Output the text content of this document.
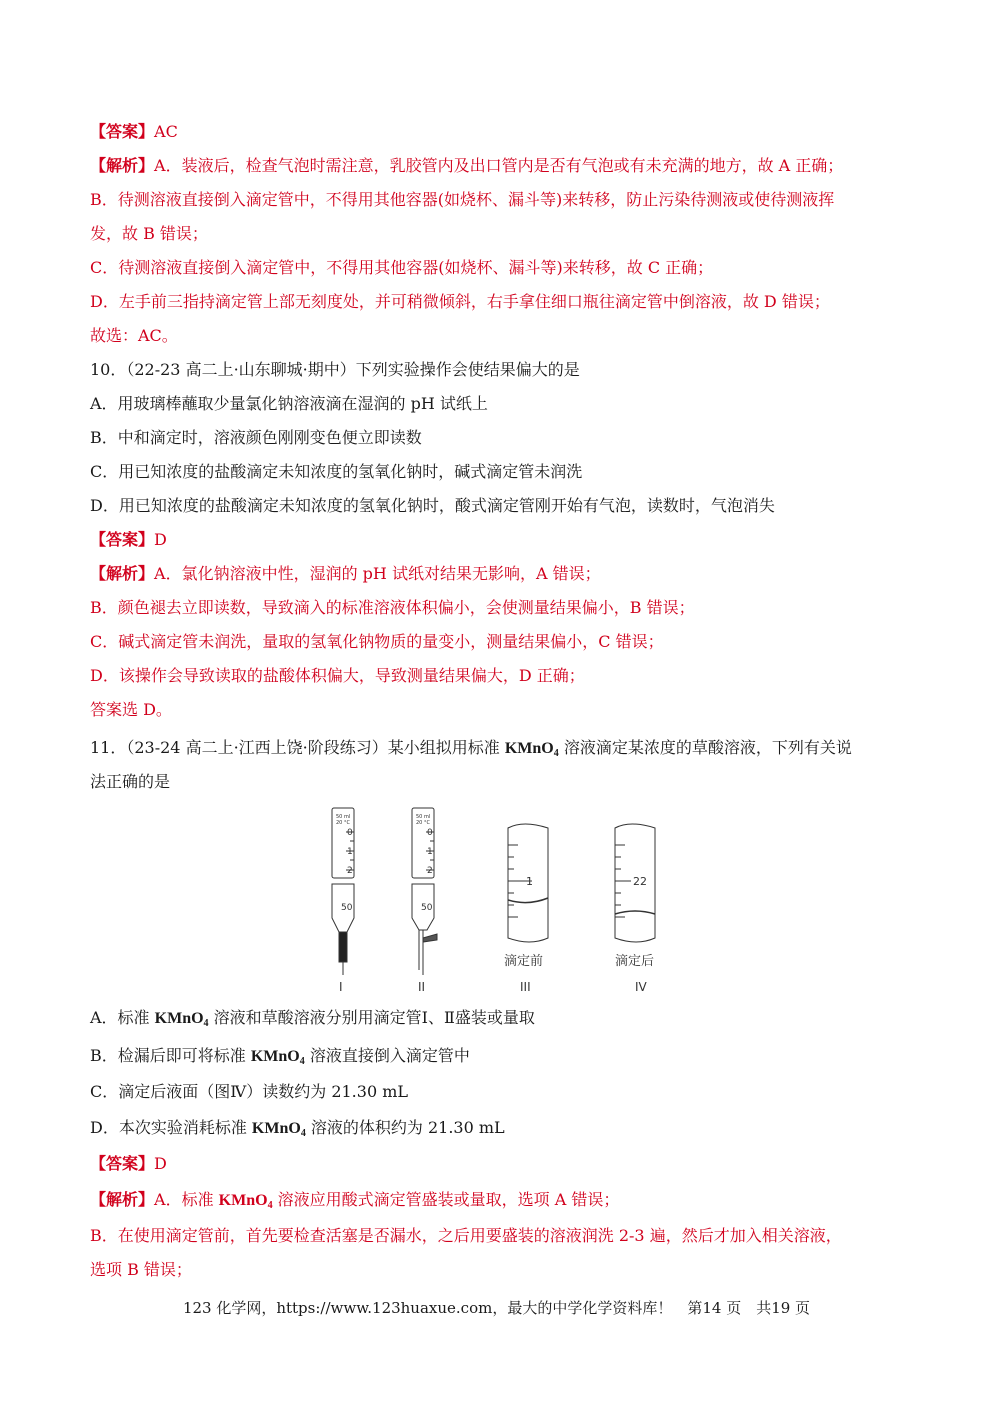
【答案】AC
【解析】A．装液后，检查气泡时需注意，乳胶管内及出口管内是否有气泡或有未充满的地方，故 A 正确；
B．待测溶液直接倒入滴定管中，不得用其他容器(如烧杯、漏斗等)来转移，防止污染待测液或使待测液挥
发，故 B 错误；
C．待测溶液直接倒入滴定管中，不得用其他容器(如烧杯、漏斗等)来转移，故 C 正确；
D．左手前三指持滴定管上部无刻度处，并可稍微倾斜，右手拿住细口瓶往滴定管中倒溶液，故 D 错误；
故选：AC。
10．（22-23 高二上·山东聊城·期中）下列实验操作会使结果偏大的是
A．用玻璃棒蘸取少量氯化钠溶液滴在湿润的 pH 试纸上
B．中和滴定时，溶液颜色刚刚变色便立即读数
C．用已知浓度的盐酸滴定未知浓度的氢氧化钠时，碱式滴定管未润洗
D．用已知浓度的盐酸滴定未知浓度的氢氧化钠时，酸式滴定管刚开始有气泡，读数时，气泡消失
【答案】D
【解析】A．氯化钠溶液中性，湿润的 pH 试纸对结果无影响，A 错误；
B．颜色褪去立即读数，导致滴入的标准溶液体积偏小，会使测量结果偏小，B 错误；
C．碱式滴定管未润洗，量取的氢氧化钠物质的量变小，测量结果偏小，C 错误；
D．该操作会导致读取的盐酸体积偏大，导致测量结果偏大，D 正确；
答案选 D。
11．（23-24 高二上·江西上饶·阶段练习）某小组拟用标准 KMnO$_4$ 溶液滴定某浓度的草酸溶液，下列有关说
法正确的是
50 ml
20 °C
0
1
2
50
I
50 ml
20 °C
0
1
2
50
II
1
滴定前
III
22
滴定后
IV
A．标准 KMnO$_4$ 溶液和草酸溶液分别用滴定管Ⅰ、Ⅱ盛装或量取
B．检漏后即可将标准 KMnO$_4$ 溶液直接倒入滴定管中
C．滴定后液面（图Ⅳ）读数约为 21.30 mL
D．本次实验消耗标准 KMnO$_4$ 溶液的体积约为 21.30 mL
【答案】D
【解析】A．标准 KMnO$_4$ 溶液应用酸式滴定管盛装或量取，选项 A 错误；
B．在使用滴定管前，首先要检查活塞是否漏水，之后用要盛装的溶液润洗 2-3 遍，然后才加入相关溶液，
选项 B 错误；
123 化学网，https://www.123huaxue.com，最大的中学化学资料库！　第14 页　共19 页
